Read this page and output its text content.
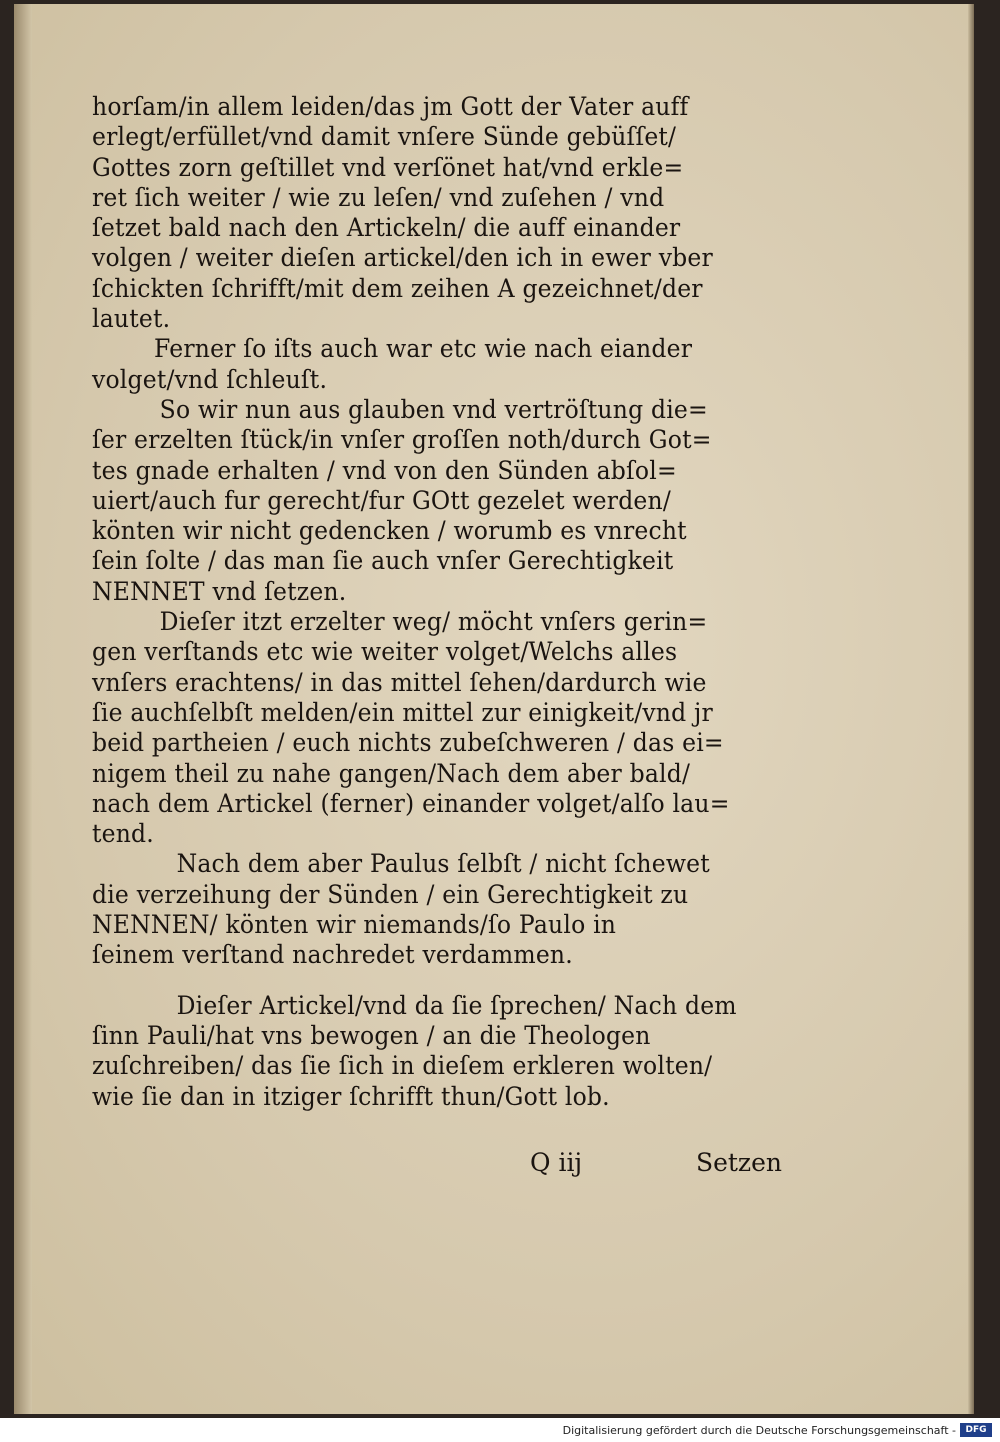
horſam/in allem leiden/das jm Gott der Vater auff
erlegt/erfüllet/vnd damit vnſere Sünde gebüſſet/
Gottes zorn geſtillet vnd verſönet hat/vnd erkle=
ret ſich weiter / wie zu leſen/ vnd zuſehen / vnd
ſetzet bald nach den Artickeln/ die auff einander
volgen / weiter dieſen artickel/den ich in ewer vber
ſchickten ſchrifft/mit dem zeihen A gezeichnet/der
lautet.
Ferner ſo iſts auch war etc wie nach eiander
volget/vnd ſchleuſt.
So wir nun aus glauben vnd vertröſtung die=
ſer erzelten ſtück/in vnſer groſſen noth/durch Got=
tes gnade erhalten / vnd von den Sünden abſol=
uiert/auch fur gerecht/fur GOtt gezelet werden/
könten wir nicht gedencken / worumb es vnrecht
ſein ſolte / das man ſie auch vnſer Gerechtigkeit
NENNET vnd ſetzen.
Dieſer itzt erzelter weg/ möcht vnſers gerin=
gen verſtands etc wie weiter volget/Welchs alles
vnſers erachtens/ in das mittel ſehen/dardurch wie
ſie auchſelbſt melden/ein mittel zur einigkeit/vnd jr
beid partheien / euch nichts zubeſchweren / das ei=
nigem theil zu nahe gangen/Nach dem aber bald/
nach dem Artickel (ferner) einander volget/alſo lau=
tend.
Nach dem aber Paulus ſelbſt / nicht ſchewet
die verzeihung der Sünden / ein Gerechtigkeit zu
NENNEN/ könten wir niemands/ſo Paulo in
ſeinem verſtand nachredet verdammen.
Dieſer Artickel/vnd da ſie ſprechen/ Nach dem
ſinn Pauli/hat vns bewogen / an die Theologen
zuſchreiben/ das ſie ſich in dieſem erkleren wolten/
wie ſie dan in itziger ſchrifft thun/Gott lob.
Q iij	Setzen
Digitalisierung gefördert durch die Deutsche Forschungsgemeinschaft -	DFG
